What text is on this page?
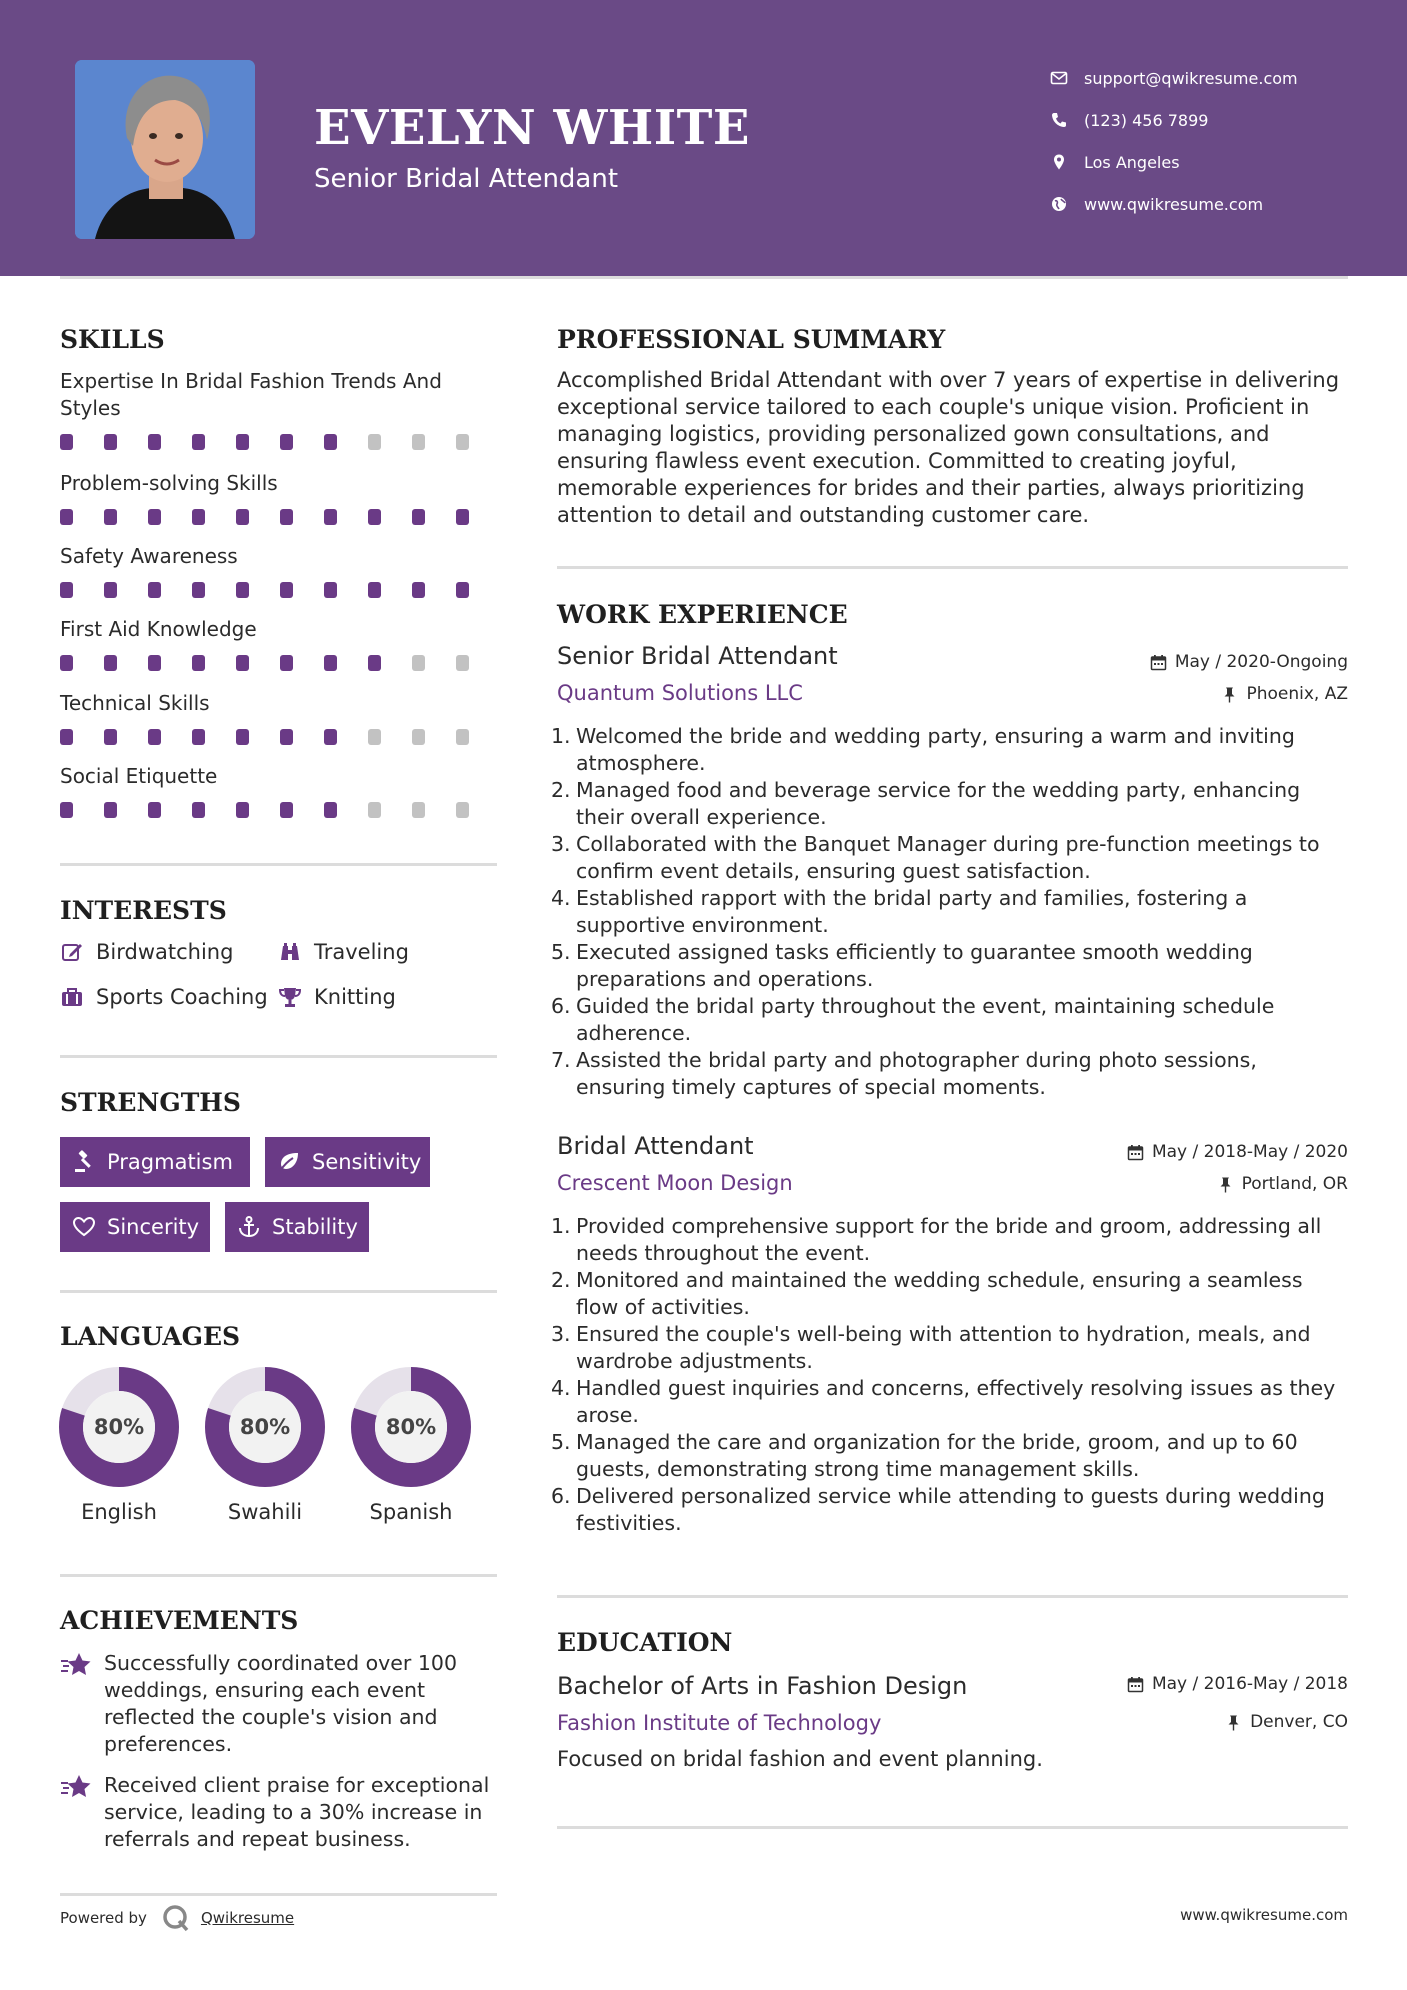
EVELYN WHITE
Senior Bridal Attendant
support@qwikresume.com
(123) 456 7899
Los Angeles
www.qwikresume.com
SKILLS
Expertise In Bridal Fashion Trends And Styles
Problem-solving Skills
Safety Awareness
First Aid Knowledge
Technical Skills
Social Etiquette
INTERESTS
Birdwatching	Traveling
Sports Coaching Knitting
STRENGTHS
Pragmatism	Sensitivity
Sincerity	Stability
LANGUAGES
80%
English
80%
Swahili
80%
Spanish
ACHIEVEMENTS
Successfully coordinated over 100 weddings, ensuring each event reflected the couple's vision and preferences.
Received client praise for exceptional service, leading to a 30% increase in referrals and repeat business.
Powered by	Qwikresume	www.qwikresume.com
PROFESSIONAL SUMMARY
Accomplished Bridal Attendant with over 7 years of expertise in delivering exceptional service tailored to each couple's unique vision. Proficient in managing logistics, providing personalized gown consultations, and ensuring flawless event execution. Committed to creating joyful, memorable experiences for brides and their parties, always prioritizing attention to detail and outstanding customer care.
WORK EXPERIENCE
Senior Bridal Attendant
Quantum Solutions LLC
May / 2020-Ongoing
Phoenix, AZ
1. Welcomed the bride and wedding party, ensuring a warm and inviting atmosphere.
2. Managed food and beverage service for the wedding party, enhancing their overall experience.
3. Collaborated with the Banquet Manager during pre-function meetings to confirm event details, ensuring guest satisfaction.
4. Established rapport with the bridal party and families, fostering a supportive environment.
5. Executed assigned tasks efficiently to guarantee smooth wedding preparations and operations.
6. Guided the bridal party throughout the event, maintaining schedule adherence.
7. Assisted the bridal party and photographer during photo sessions, ensuring timely captures of special moments.
Bridal Attendant
Crescent Moon Design
May / 2018-May / 2020
Portland, OR
1. Provided comprehensive support for the bride and groom, addressing all needs throughout the event.
2. Monitored and maintained the wedding schedule, ensuring a seamless flow of activities.
3. Ensured the couple's well-being with attention to hydration, meals, and wardrobe adjustments.
4. Handled guest inquiries and concerns, effectively resolving issues as they arose.
5. Managed the care and organization for the bride, groom, and up to 60 guests, demonstrating strong time management skills.
6. Delivered personalized service while attending to guests during wedding festivities.
EDUCATION
Bachelor of Arts in Fashion Design
Fashion Institute of Technology
May / 2016-May / 2018
Denver, CO
Focused on bridal fashion and event planning.
